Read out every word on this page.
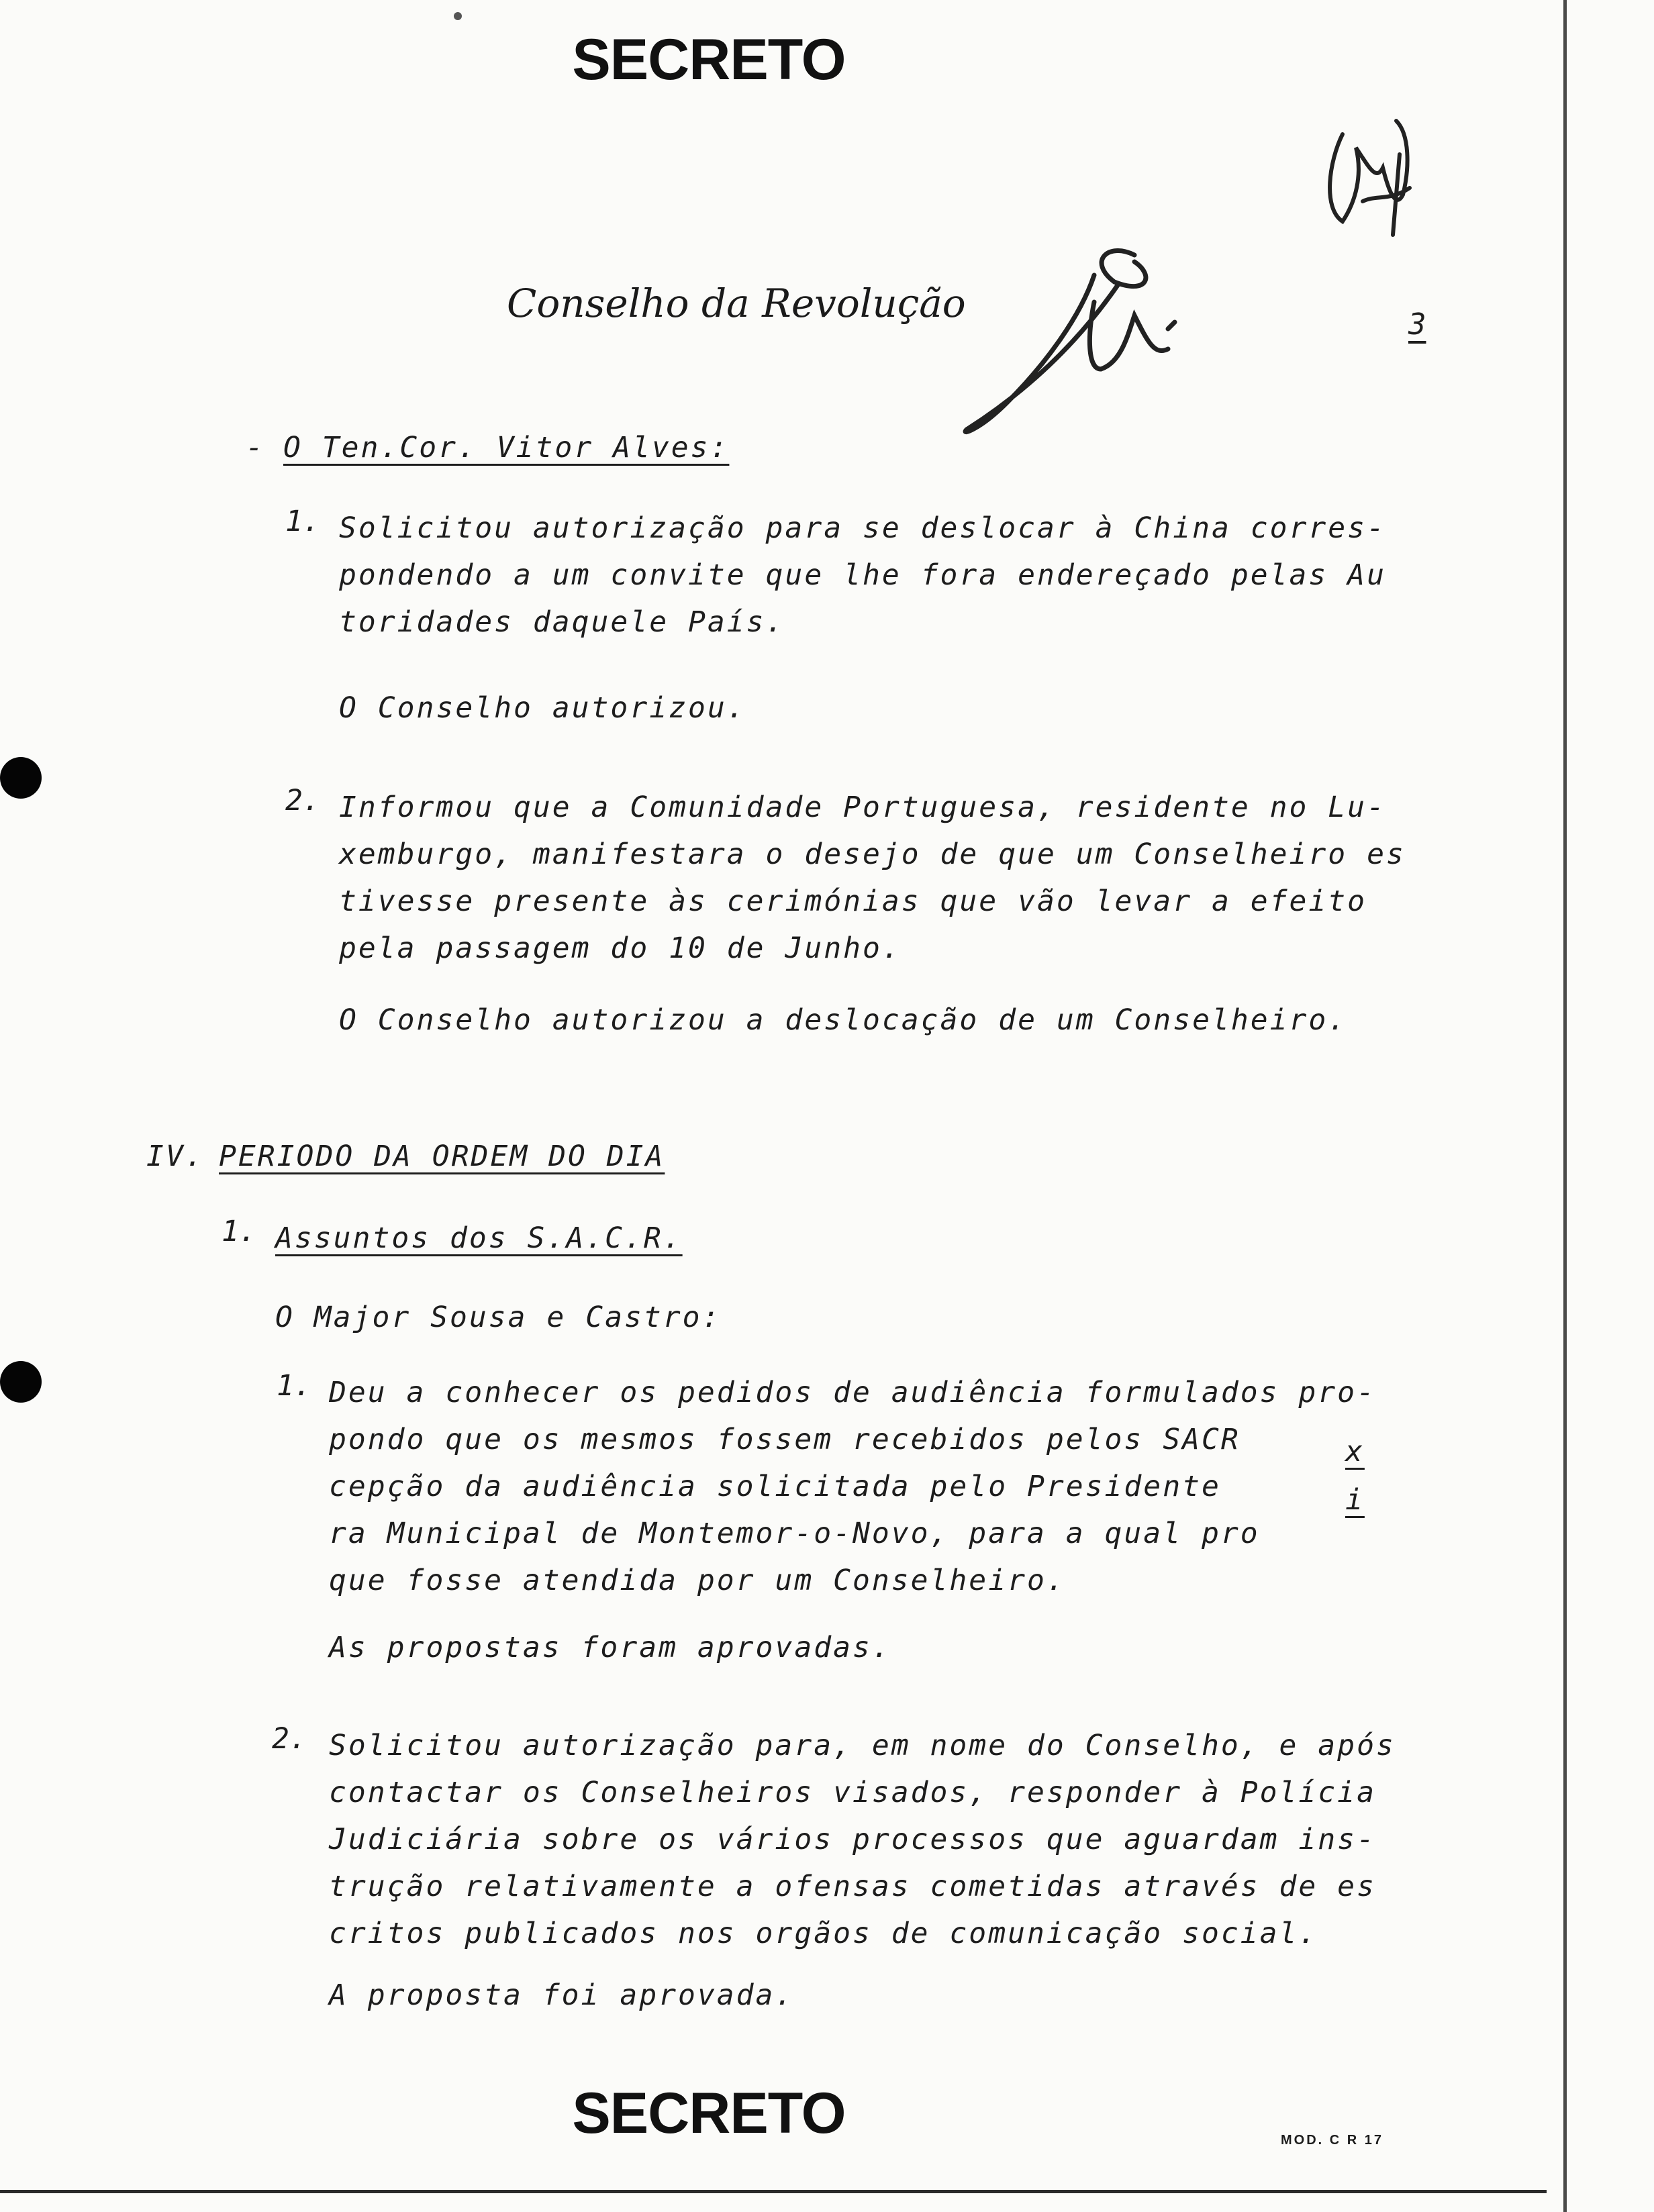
SECRETO
Conselho da Revolução	3
- O Ten.Cor. Vitor Alves:
1. Solicitou autorização para se deslocar à China corres-
pondendo a um convite que lhe fora endereçado pelas Au
toridades daquele País.
O Conselho autorizou.
2. Informou que a Comunidade Portuguesa, residente no Lu-
xemburgo, manifestara o desejo de que um Conselheiro es
tivesse presente às cerimónias que vão levar a efeito
pela passagem do 10 de Junho.
O Conselho autorizou a deslocação de um Conselheiro.
IV. PERIODO DA ORDEM DO DIA
1. Assuntos dos S.A.C.R.
O Major Sousa e Castro:
1. Deu a conhecer os pedidos de audiência formulados pro-
pondo que os mesmos fossem recebidos pelos SACR
cepção da audiência solicitada pelo Presidente
ra Municipal de Montemor-o-Novo, para a qual pro
que fosse atendida por um Conselheiro.
As propostas foram aprovadas.
x
i
2. Solicitou autorização para, em nome do Conselho, e após
contactar os Conselheiros visados, responder à Polícia
Judiciária sobre os vários processos que aguardam ins-
trução relativamente a ofensas cometidas através de es
critos publicados nos orgãos de comunicação social.
A proposta foi aprovada.
SECRETO	MOD. C R 17
